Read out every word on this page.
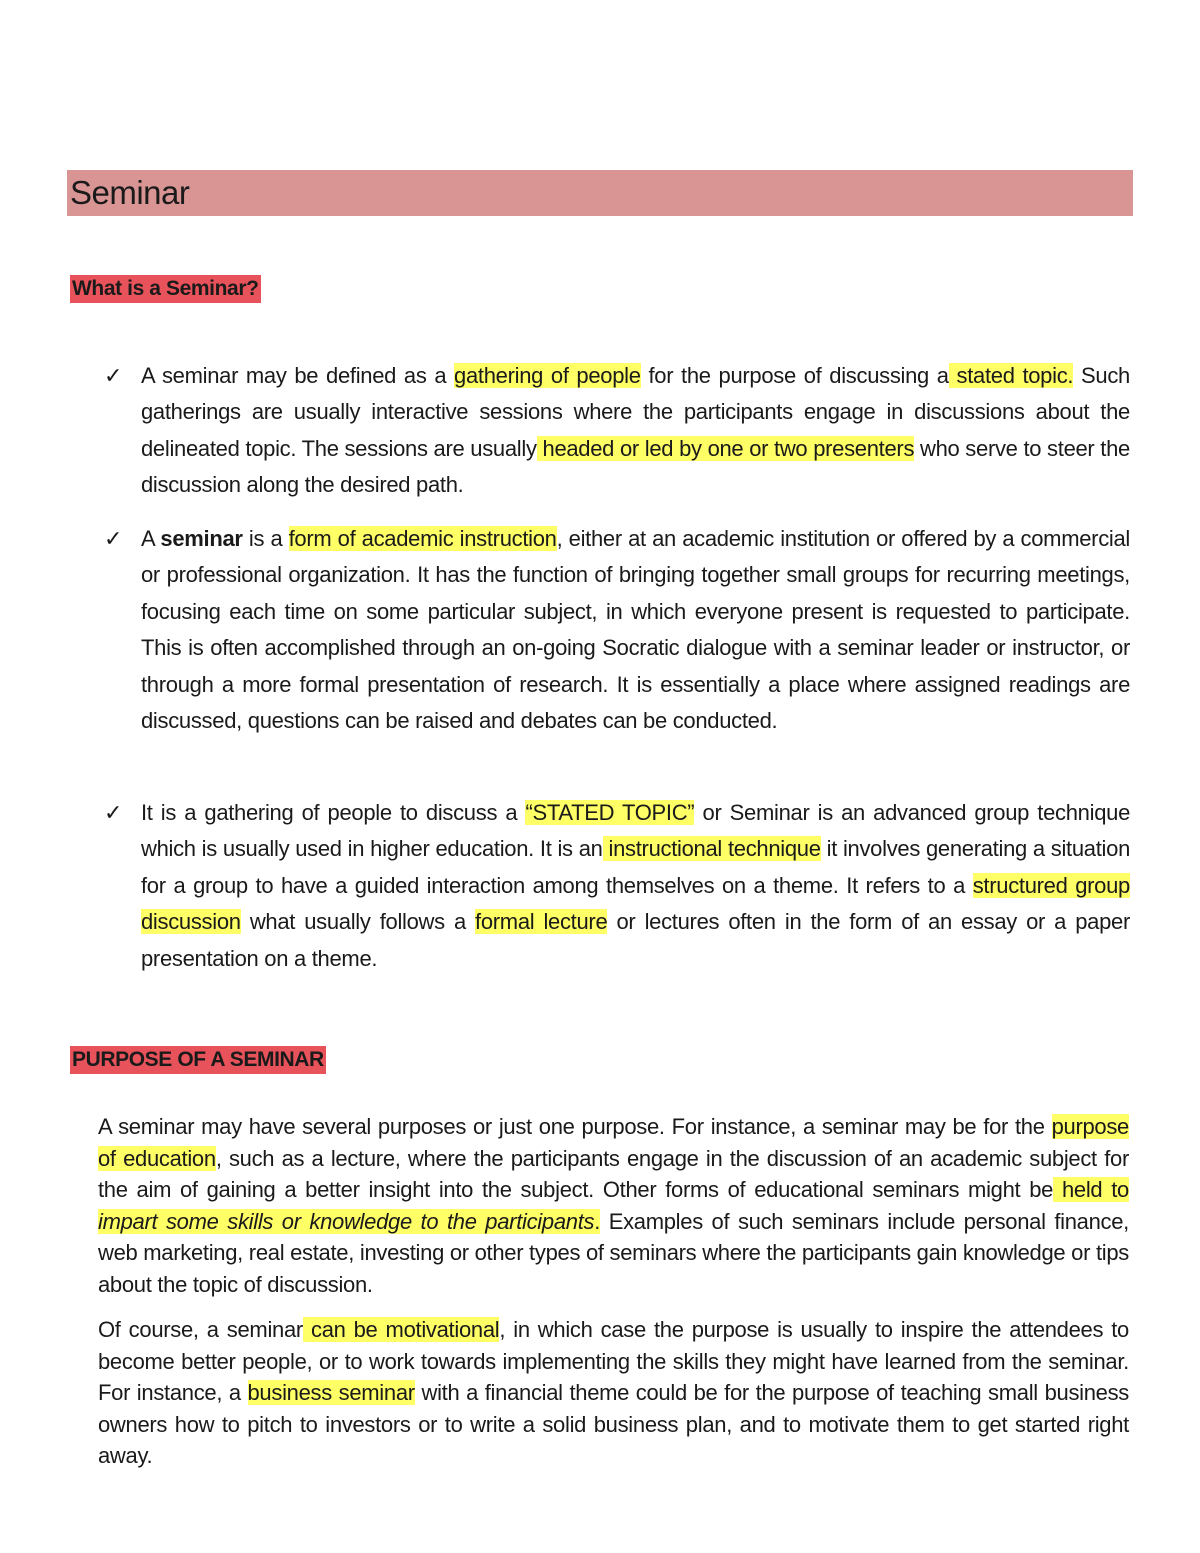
Seminar
What is a Seminar?
✓ A seminar may be defined as a gathering of people for the purpose of discussing a stated topic. Such gatherings are usually interactive sessions where the participants engage in discussions about the delineated topic. The sessions are usually headed or led by one or two presenters who serve to steer the discussion along the desired path.
✓ A seminar is a form of academic instruction, either at an academic institution or offered by a commercial or professional organization. It has the function of bringing together small groups for recurring meetings, focusing each time on some particular subject, in which everyone present is requested to participate. This is often accomplished through an on-going Socratic dialogue with a seminar leader or instructor, or through a more formal presentation of research. It is essentially a place where assigned readings are discussed, questions can be raised and debates can be conducted.
✓ It is a gathering of people to discuss a “STATED TOPIC” or Seminar is an advanced group technique which is usually used in higher education. It is an instructional technique it involves generating a situation for a group to have a guided interaction among themselves on a theme. It refers to a structured group discussion what usually follows a formal lecture or lectures often in the form of an essay or a paper presentation on a theme.
PURPOSE OF A SEMINAR

A seminar may have several purposes or just one purpose. For instance, a seminar may be for the purpose of education, such as a lecture, where the participants engage in the discussion of an academic subject for the aim of gaining a better insight into the subject. Other forms of educational seminars might be held to impart some skills or knowledge to the participants. Examples of such seminars include personal finance, web marketing, real estate, investing or other types of seminars where the participants gain knowledge or tips about the topic of discussion.

Of course, a seminar can be motivational, in which case the purpose is usually to inspire the attendees to become better people, or to work towards implementing the skills they might have learned from the seminar. For instance, a business seminar with a financial theme could be for the purpose of teaching small business owners how to pitch to investors or to write a solid business plan, and to motivate them to get started right away.
